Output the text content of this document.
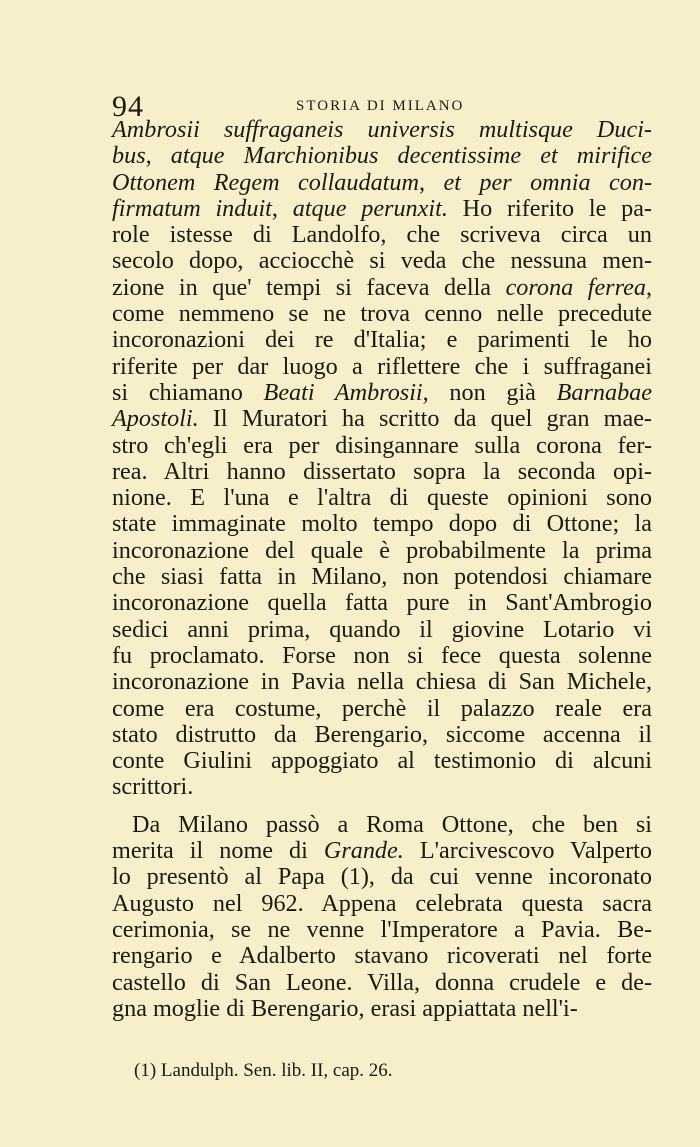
94	STORIA DI MILANO
Ambrosii suffraganeis universis multisque Duci-
bus, atque Marchionibus decentissime et mirifice
Ottonem Regem collaudatum, et per omnia con-
firmatum induit, atque perunxit. Ho riferito le pa-
role istesse di Landolfo, che scriveva circa un
secolo dopo, acciocchè si veda che nessuna men-
zione in que' tempi si faceva della corona ferrea,
come nemmeno se ne trova cenno nelle precedute
incoronazioni dei re d'Italia; e parimenti le ho
riferite per dar luogo a riflettere che i suffraganei
si chiamano Beati Ambrosii, non già Barnabae
Apostoli. Il Muratori ha scritto da quel gran mae-
stro ch'egli era per disingannare sulla corona fer-
rea. Altri hanno dissertato sopra la seconda opi-
nione. E l'una e l'altra di queste opinioni sono
state immaginate molto tempo dopo di Ottone; la
incoronazione del quale è probabilmente la prima
che siasi fatta in Milano, non potendosi chiamare
incoronazione quella fatta pure in Sant'Ambrogio
sedici anni prima, quando il giovine Lotario vi
fu proclamato. Forse non si fece questa solenne
incoronazione in Pavia nella chiesa di San Michele,
come era costume, perchè il palazzo reale era
stato distrutto da Berengario, siccome accenna il
conte Giulini appoggiato al testimonio di alcuni
scrittori.
Da Milano passò a Roma Ottone, che ben si
merita il nome di Grande. L'arcivescovo Valperto
lo presentò al Papa (1), da cui venne incoronato
Augusto nel 962. Appena celebrata questa sacra
cerimonia, se ne venne l'Imperatore a Pavia. Be-
rengario e Adalberto stavano ricoverati nel forte
castello di San Leone. Villa, donna crudele e de-
gna moglie di Berengario, erasi appiattata nell'i-
(1) Landulph. Sen. lib. II, cap. 26.
